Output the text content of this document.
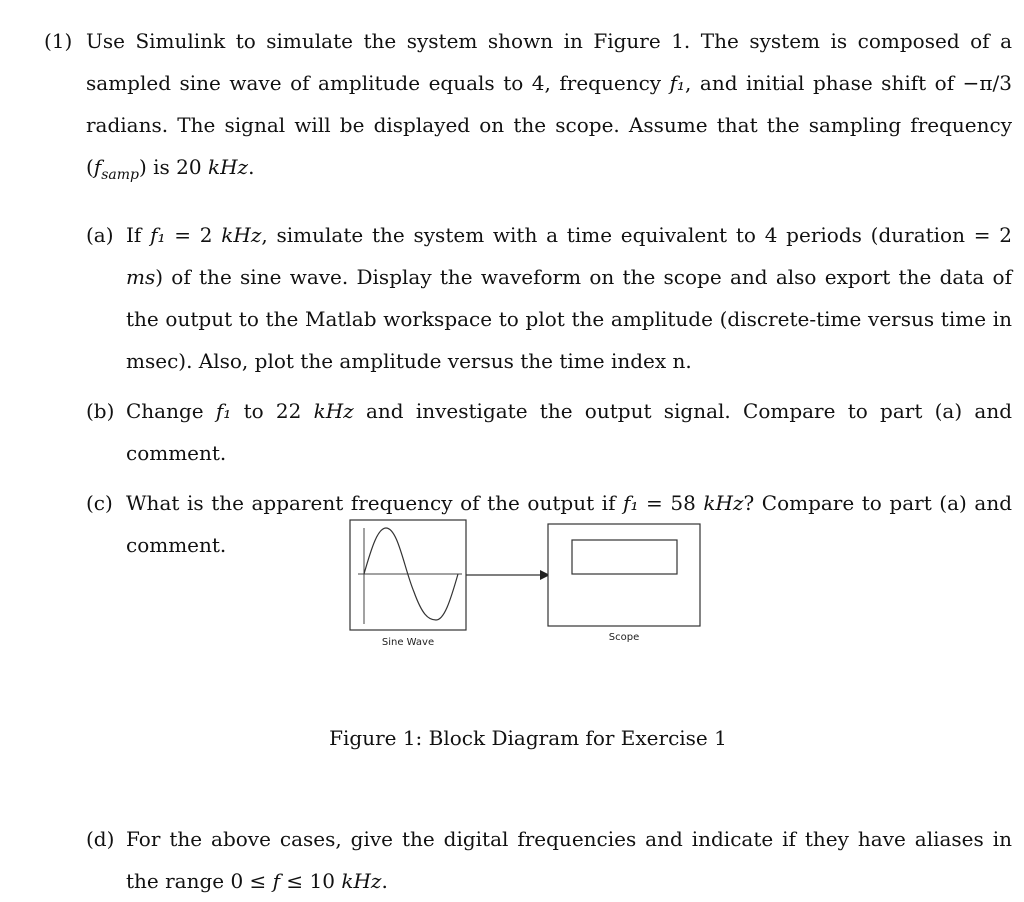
(1) Use Simulink to simulate the system shown in Figure 1. The system is composed of a sampled sine wave of amplitude equals to 4, frequency f₁, and initial phase shift of −π/3 radians. The signal will be displayed on the scope. Assume that the sampling frequency $(f_{samp})$ is 20 kHz.
(a) If f₁ = 2 kHz, simulate the system with a time equivalent to 4 periods (duration = 2 ms) of the sine wave. Display the waveform on the scope and also export the data of the output to the Matlab workspace to plot the amplitude (discrete-time versus time in msec). Also, plot the amplitude versus the time index n.
(b) Change f₁ to 22 kHz and investigate the output signal. Compare to part (a) and comment.
(c) What is the apparent frequency of the output if f₁ = 58 kHz? Compare to part (a) and comment.
Sine Wave	Scope
Figure 1: Block Diagram for Exercise 1
(d) For the above cases, give the digital frequencies and indicate if they have aliases in the range 0 ≤ f ≤ 10 kHz.
